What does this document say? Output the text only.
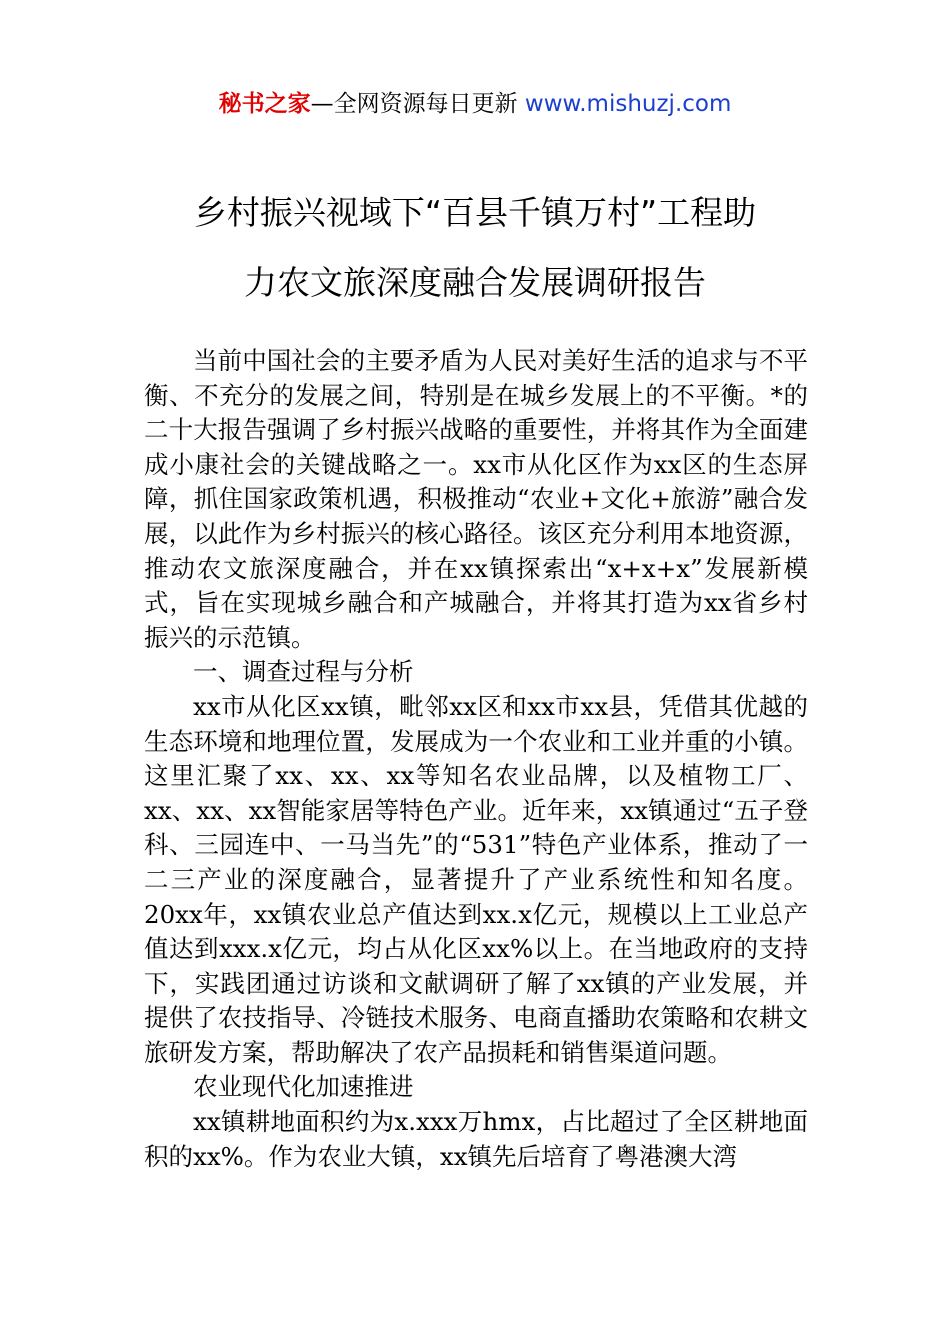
秘书之家—全网资源每日更新 www.mishuzj.com
乡村振兴视域下“百县千镇万村”工程助
力农文旅深度融合发展调研报告

当前中国社会的主要矛盾为人民对美好生活的追求与不平衡、不充分的发展之间，特别是在城乡发展上的不平衡。*的二十大报告强调了乡村振兴战略的重要性，并将其作为全面建成小康社会的关键战略之一。xx市从化区作为xx区的生态屏障，抓住国家政策机遇，积极推动“农业+文化+旅游”融合发展，以此作为乡村振兴的核心路径。该区充分利用本地资源，推动农文旅深度融合，并在xx镇探索出“x+x+x”发展新模式，旨在实现城乡融合和产城融合，并将其打造为xx省乡村振兴的示范镇。

一、调查过程与分析

xx市从化区xx镇，毗邻xx区和xx市xx县，凭借其优越的生态环境和地理位置，发展成为一个农业和工业并重的小镇。这里汇聚了xx、xx、xx等知名农业品牌，以及植物工厂、xx、xx、xx智能家居等特色产业。近年来，xx镇通过“五子登科、三园连中、一马当先”的“531”特色产业体系，推动了一二三产业的深度融合，显著提升了产业系统性和知名度。20xx年，xx镇农业总产值达到xx.x亿元，规模以上工业总产值达到xxx.x亿元，均占从化区xx%以上。在当地政府的支持下，实践团通过访谈和文献调研了解了xx镇的产业发展，并提供了农技指导、冷链技术服务、电商直播助农策略和农耕文旅研发方案，帮助解决了农产品损耗和销售渠道问题。

农业现代化加速推进

xx镇耕地面积约为x.xxx万hmx，占比超过了全区耕地面积的xx%。作为农业大镇，xx镇先后培育了粤港澳大湾
